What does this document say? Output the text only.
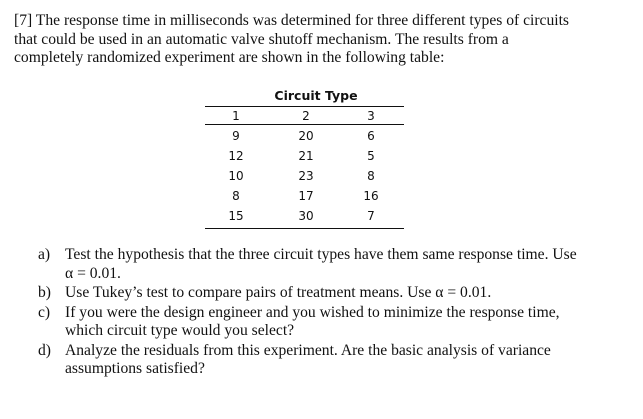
[7] The response time in milliseconds was determined for three different types of circuits
that could be used in an automatic valve shutoff mechanism. The results from a
completely randomized experiment are shown in the following table:
Circuit Type
1	2	3
9	20	6
12	21	5
10	23	8
8	17	16
15	30	7
a) Test the hypothesis that the three circuit types have them same response time. Use
α = 0.01.
b) Use Tukey’s test to compare pairs of treatment means. Use α = 0.01.
c) If you were the design engineer and you wished to minimize the response time,
which circuit type would you select?
d) Analyze the residuals from this experiment. Are the basic analysis of variance
assumptions satisfied?
